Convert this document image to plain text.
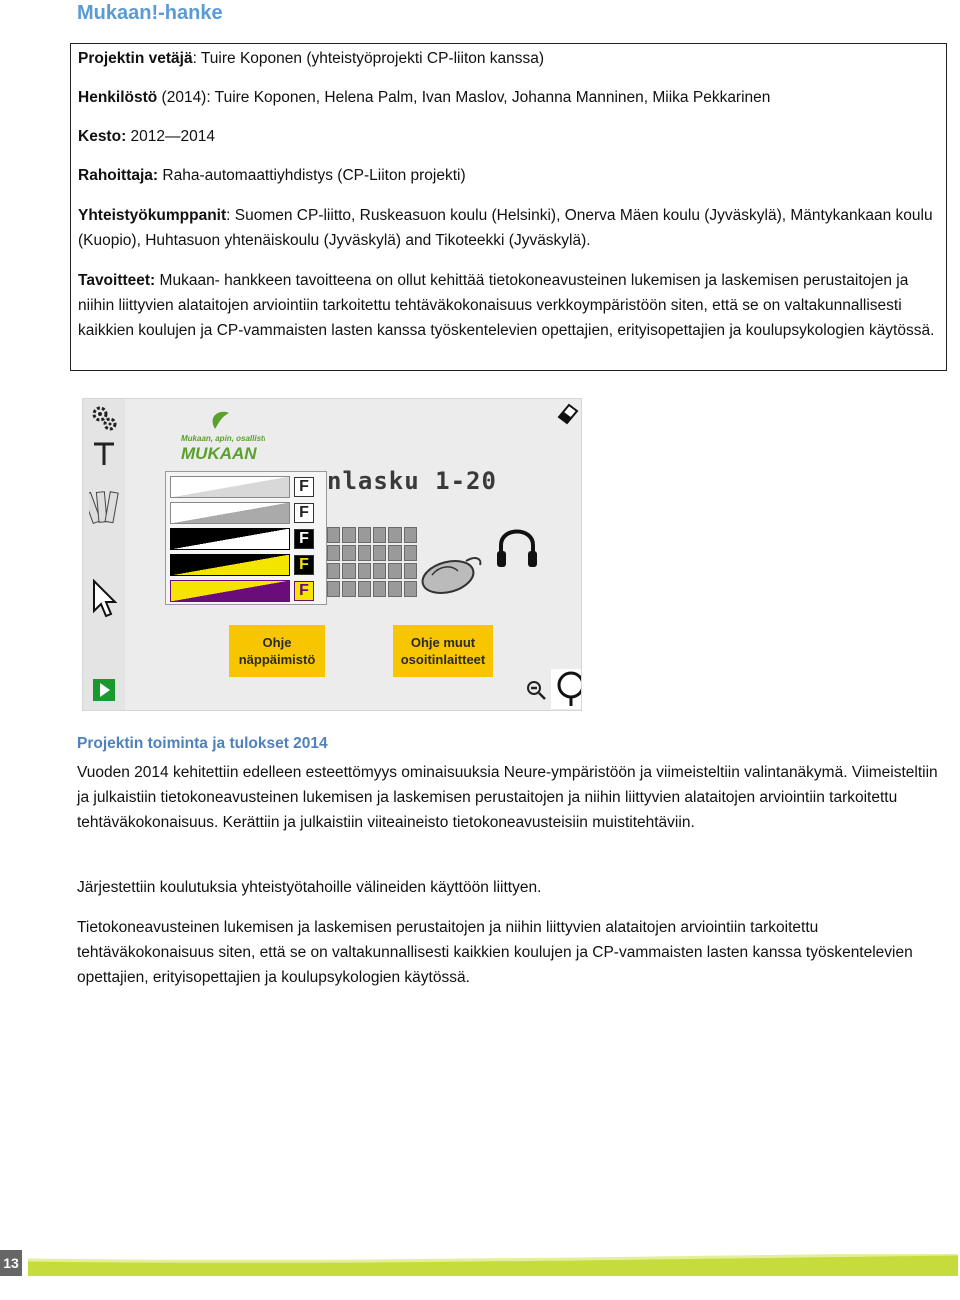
Mukaan!-hanke

Projektin vetäjä: Tuire Koponen (yhteistyöprojekti CP-liiton kanssa)

Henkilöstö (2014): Tuire Koponen, Helena Palm, Ivan Maslov, Johanna Manninen, Miika Pekkarinen

Kesto: 2012—2014

Rahoittaja: Raha-automaattiyhdistys (CP-Liiton projekti)

Yhteistyökumppanit: Suomen CP-liitto, Ruskeasuon koulu (Helsinki), Onerva Mäen koulu (Jyväskylä), Mäntykankaan koulu (Kuopio), Huhtasuon yhtenäiskoulu (Jyväskylä) and Tikoteekki (Jyväskylä).

Tavoitteet: Mukaan- hankkeen tavoitteena on ollut kehittää tietokoneavusteinen lukemisen ja laskemisen perustaitojen ja niihin liittyvien alataitojen arviointiin tarkoitettu tehtäväkokonaisuus verkkoympäristöön siten, että se on valtakunnallisesti kaikkien koulujen ja CP-vammaisten lasten kanssa työskentelevien opettajien, erityisopettajien ja koulupsykologien käytössä.

Mukaan, apin, osallistun
MUKAAN
nlasku 1-20
F
F
F
F
F
Ohje
näppäimistö
Ohje muut
osoitinlaitteet
Projektin toiminta ja tulokset 2014

Vuoden 2014 kehitettiin edelleen esteettömyys ominaisuuksia Neure-ympäristöön ja viimeisteltiin valintanäkymä. Viimeisteltiin ja julkaistiin tietokoneavusteinen lukemisen ja laskemisen perustaitojen ja niihin liittyvien alataitojen arviointiin tarkoitettu tehtäväkokonaisuus. Kerättiin ja julkaistiin viiteaineisto tietokoneavusteisiin muistitehtäviin.

Järjestettiin koulutuksia yhteistyötahoille välineiden käyttöön liittyen.

Tietokoneavusteinen lukemisen ja laskemisen perustaitojen ja niihin liittyvien alataitojen arviointiin tarkoitettu tehtäväkokonaisuus siten, että se on valtakunnallisesti kaikkien koulujen ja CP-vammaisten lasten kanssa työskentelevien opettajien, erityisopettajien ja koulupsykologien käytössä.

13
